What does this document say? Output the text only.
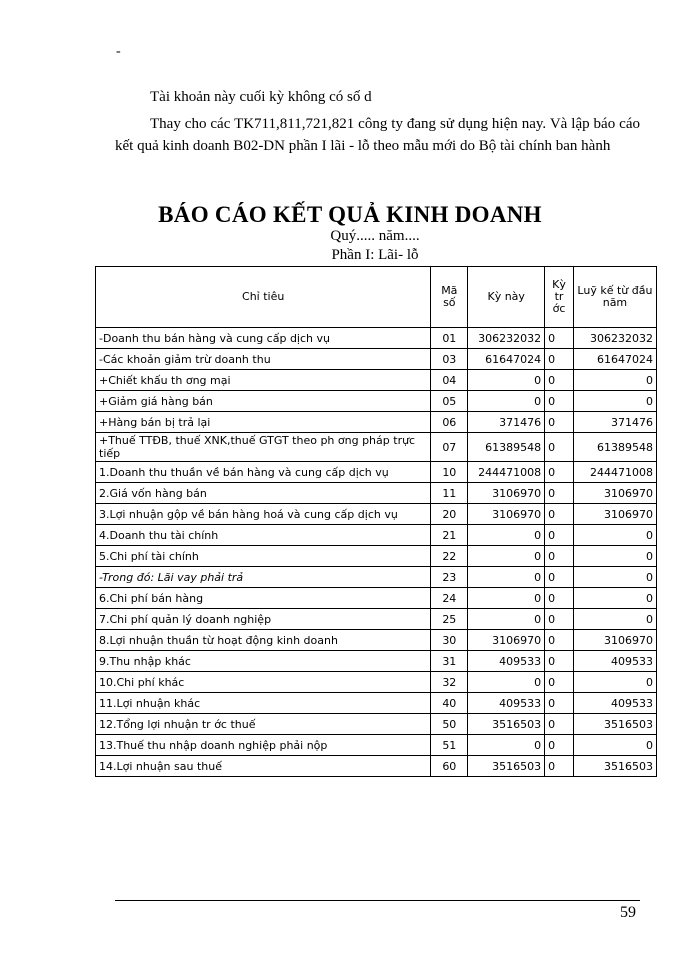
-
Tài khoản này cuối kỳ không có số d
Thay cho các TK711,811,721,821 công ty đang sử dụng hiện nay. Và lập báo cáo kết quả kinh doanh B02-DN phần I lãi - lỗ theo mẫu mới do Bộ tài chính ban hành
BÁO CÁO KẾT QUẢ KINH DOANH
Quý..... năm....
Phần I: Lãi- lỗ
Chỉ tiêu	Mã số	Kỳ này	Kỳ tr ớc	Luỹ kế từ đầu năm
-Doanh thu bán hàng và cung cấp dịch vụ	01	306232032	0	306232032
-Các khoản giảm trừ doanh thu	03	61647024	0	61647024
+Chiết khấu th ơng mại	04	0	0	0
+Giảm giá hàng bán	05	0	0	0
+Hàng bán bị trả lại	06	371476	0	371476
+Thuế TTĐB, thuế XNK,thuế GTGT theo ph ơng pháp trực tiếp	07	61389548	0	61389548
1.Doanh thu thuần về bán hàng và cung cấp dịch vụ	10	244471008	0	244471008
2.Giá vốn hàng bán	11	3106970	0	3106970
3.Lợi nhuận gộp về bán hàng hoá và cung cấp dịch vụ	20	3106970	0	3106970
4.Doanh thu tài chính	21	0	0	0
5.Chi phí tài chính	22	0	0	0
-Trong đó: Lãi vay phải trả	23	0	0	0
6.Chi phí bán hàng	24	0	0	0
7.Chi phí quản lý doanh nghiệp	25	0	0	0
8.Lợi nhuận thuần từ hoạt động kinh doanh	30	3106970	0	3106970
9.Thu nhập khác	31	409533	0	409533
10.Chi phí khác	32	0	0	0
11.Lợi nhuận khác	40	409533	0	409533
12.Tổng lợi nhuận tr ớc thuế	50	3516503	0	3516503
13.Thuế thu nhập doanh nghiệp phải nộp	51	0	0	0
14.Lợi nhuận sau thuế	60	3516503	0	3516503
59
